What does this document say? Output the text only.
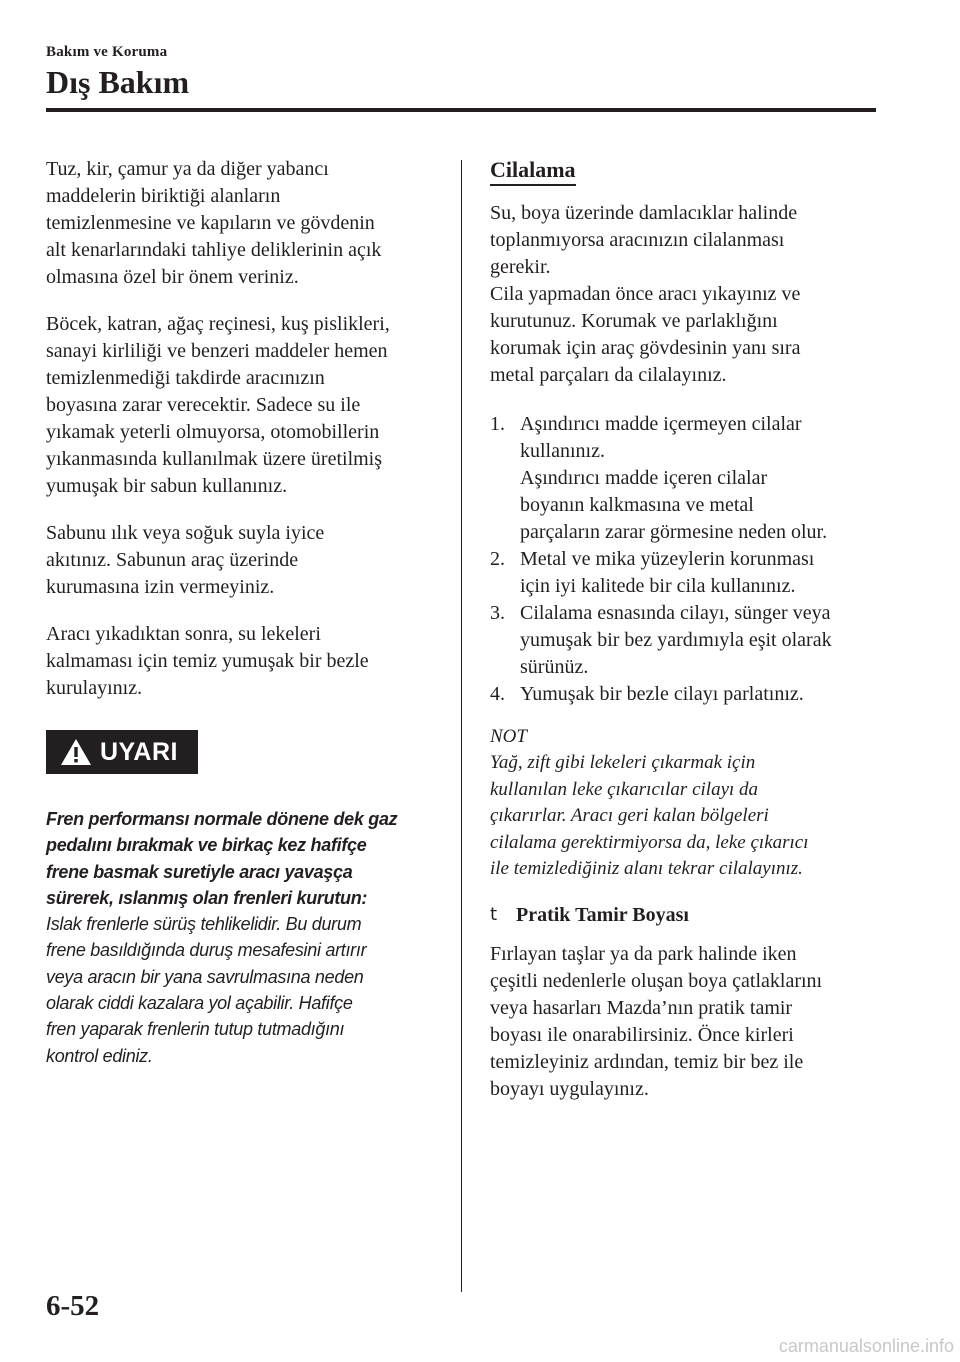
Bakım ve Koruma
Dış Bakım

Tuz, kir, çamur ya da diğer yabancı
maddelerin biriktiği alanların
temizlenmesine ve kapıların ve gövdenin
alt kenarlarındaki tahliye deliklerinin açık
olmasına özel bir önem veriniz.

Böcek, katran, ağaç reçinesi, kuş pislikleri,
sanayi kirliliği ve benzeri maddeler hemen
temizlenmediği takdirde aracınızın
boyasına zarar verecektir. Sadece su ile
yıkamak yeterli olmuyorsa, otomobillerin
yıkanmasında kullanılmak üzere üretilmiş
yumuşak bir sabun kullanınız.

Sabunu ılık veya soğuk suyla iyice
akıtınız. Sabunun araç üzerinde
kurumasına izin vermeyiniz.

Aracı yıkadıktan sonra, su lekeleri
kalmaması için temiz yumuşak bir bezle
kurulayınız.

UYARI

Fren performansı normale dönene dek gaz
pedalını bırakmak ve birkaç kez hafifçe
frene basmak suretiyle aracı yavaşça
sürerek, ıslanmış olan frenleri kurutun:
Islak frenlerle sürüş tehlikelidir. Bu durum
frene basıldığında duruş mesafesini artırır
veya aracın bir yana savrulmasına neden
olarak ciddi kazalara yol açabilir. Hafifçe
fren yaparak frenlerin tutup tutmadığını
kontrol ediniz.

Cilalama

Su, boya üzerinde damlacıklar halinde
toplanmıyorsa aracınızın cilalanması
gerekir.
Cila yapmadan önce aracı yıkayınız ve
kurutunuz. Korumak ve parlaklığını
korumak için araç gövdesinin yanı sıra
metal parçaları da cilalayınız.

1. Aşındırıcı madde içermeyen cilalar
kullanınız.
Aşındırıcı madde içeren cilalar
boyanın kalkmasına ve metal
parçaların zarar görmesine neden olur.
2. Metal ve mika yüzeylerin korunması
için iyi kalitede bir cila kullanınız.
3. Cilalama esnasında cilayı, sünger veya
yumuşak bir bez yardımıyla eşit olarak
sürünüz.
4. Yumuşak bir bezle cilayı parlatınız.

NOT

Yağ, zift gibi lekeleri çıkarmak için
kullanılan leke çıkarıcılar cilayı da
çıkarırlar. Aracı geri kalan bölgeleri
cilalama gerektirmiyorsa da, leke çıkarıcı
ile temizlediğiniz alanı tekrar cilalayınız.

t Pratik Tamir Boyası

Fırlayan taşlar ya da park halinde iken
çeşitli nedenlerle oluşan boya çatlaklarını
veya hasarları Mazda’nın pratik tamir
boyası ile onarabilirsiniz. Önce kirleri
temizleyiniz ardından, temiz bir bez ile
boyayı uygulayınız.

6-52
carmanualsonline.info
